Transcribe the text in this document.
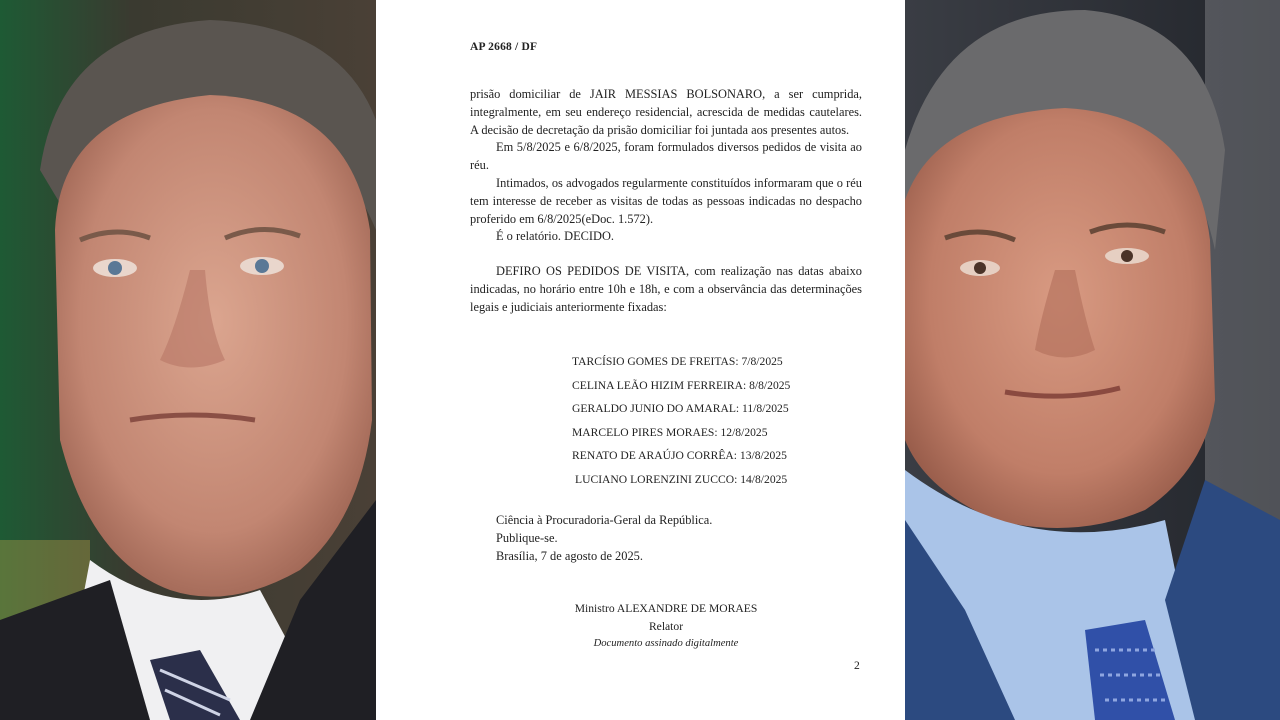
AP 2668 / DF

prisão domiciliar de JAIR MESSIAS BOLSONARO, a ser cumprida, integralmente, em seu endereço residencial, acrescida de medidas cautelares. A decisão de decretação da prisão domiciliar foi juntada aos presentes autos.

Em 5/8/2025 e 6/8/2025, foram formulados diversos pedidos de visita ao réu.

Intimados, os advogados regularmente constituídos informaram que o réu tem interesse de receber as visitas de todas as pessoas indicadas no despacho proferido em 6/8/2025(eDoc. 1.572).

É o relatório. DECIDO.

DEFIRO OS PEDIDOS DE VISITA, com realização nas datas abaixo indicadas, no horário entre 10h e 18h, e com a observância das determinações legais e judiciais anteriormente fixadas:

TARCÍSIO GOMES DE FREITAS: 7/8/2025
CELINA LEÃO HIZIM FERREIRA: 8/8/2025
GERALDO JUNIO DO AMARAL: 11/8/2025
MARCELO PIRES MORAES: 12/8/2025
RENATO DE ARAÚJO CORRÊA: 13/8/2025
LUCIANO LORENZINI ZUCCO: 14/8/2025

Ciência à Procuradoria-Geral da República.

Publique-se.

Brasília, 7 de agosto de 2025.

Ministro ALEXANDRE DE MORAES

Relator

Documento assinado digitalmente

2
